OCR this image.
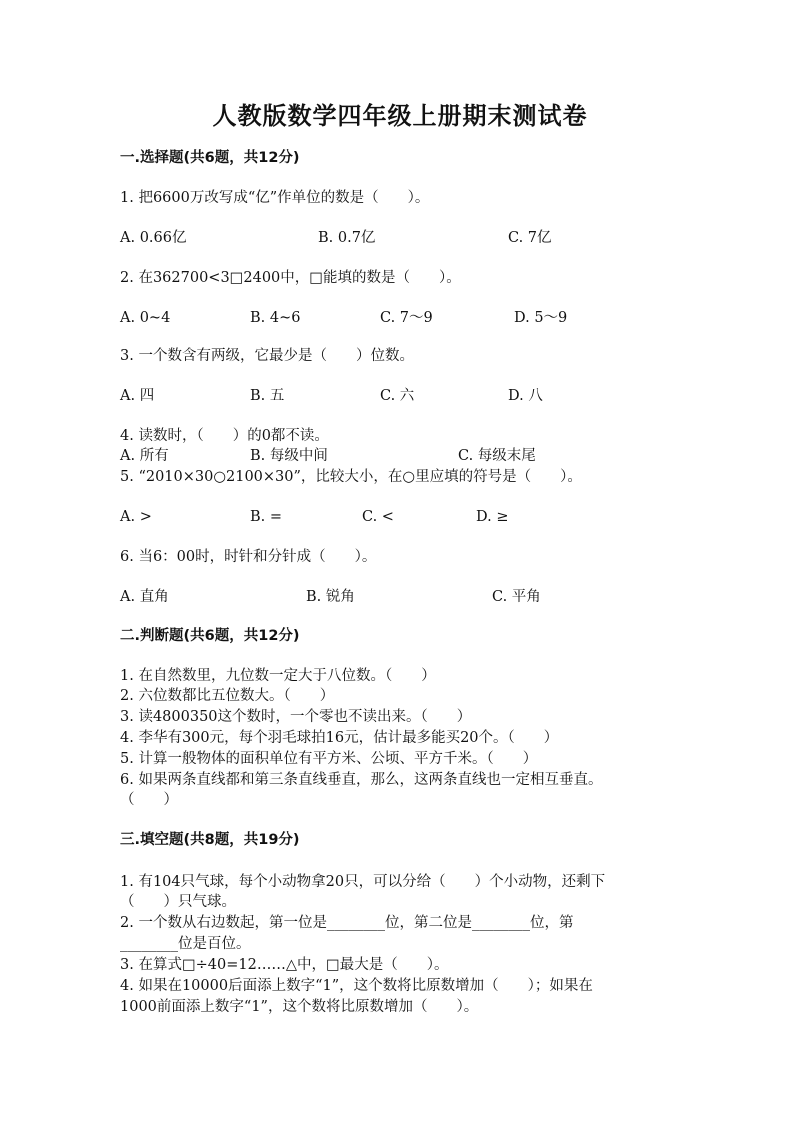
人教版数学四年级上册期末测试卷
一.选择题(共6题，共12分)
1. 把6600万改写成“亿”作单位的数是（　　）。
A. 0.66亿	B. 0.7亿	C. 7亿
2. 在362700<3□2400中，□能填的数是（　　）。
A. 0~4	B. 4~6	C. 7～9	D. 5～9
3. 一个数含有两级，它最少是（　　）位数。
A. 四	B. 五	C. 六	D. 八
4. 读数时，（　　）的0都不读。
A. 所有	B. 每级中间	C. 每级末尾
5. “2010×30○2100×30”，比较大小，在○里应填的符号是（　　）。
A. >	B. =	C. <	D. ≥
6. 当6：00时，时针和分针成（　　）。
A. 直角	B. 锐角	C. 平角
二.判断题(共6题，共12分)
1. 在自然数里，九位数一定大于八位数。（　　）
2. 六位数都比五位数大。（　　）
3. 读4800350这个数时，一个零也不读出来。（　　）
4. 李华有300元，每个羽毛球拍16元，估计最多能买20个。（　　）
5. 计算一般物体的面积单位有平方米、公顷、平方千米。（　　）
6. 如果两条直线都和第三条直线垂直，那么，这两条直线也一定相互垂直。
（　　）
三.填空题(共8题，共19分)
1. 有104只气球，每个小动物拿20只，可以分给（　　）个小动物，还剩下
（　　）只气球。
2. 一个数从右边数起，第一位是________位，第二位是________位，第
________位是百位。
3. 在算式□÷40=12……△中，□最大是（　　）。
4. 如果在10000后面添上数字“1”，这个数将比原数增加（　　）；如果在
1000前面添上数字“1”，这个数将比原数增加（　　）。
